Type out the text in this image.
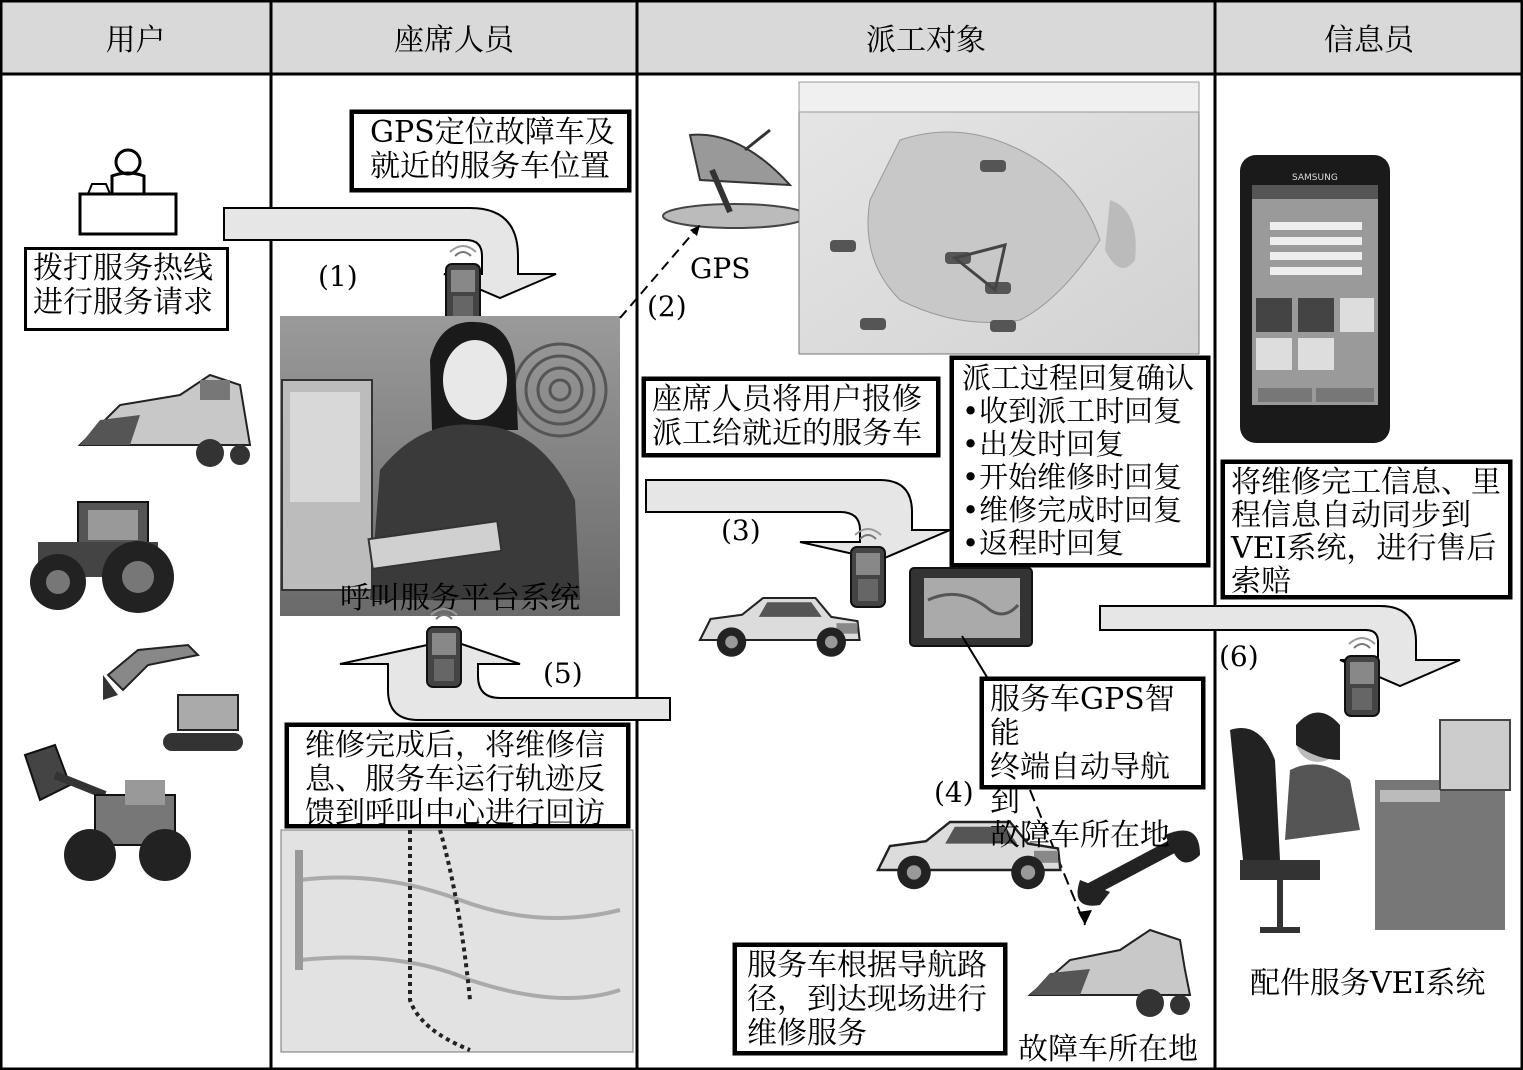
呼叫服务平台系统
GPS
SAMSUNG
用户	座席人员	派工对象	信息员
拨打服务热线
进行服务请求
GPS定位故障车及
就近的服务车位置
座席人员将用户报修
派工给就近的服务车
派工过程回复确认
•收到派工时回复
•出发时回复
•开始维修时回复
•维修完成时回复
•返程时回复
维修完成后，将维修信
息、服务车运行轨迹反
馈到呼叫中心进行回访
服务车GPS智能
终端自动导航到
故障车所在地
服务车根据导航路
径，到达现场进行
维修服务
将维修完工信息、里
程信息自动同步到
VEI系统，进行售后
索赔
故障车所在地
配件服务VEI系统
(1)
(2)
(3)
(4)
(5)
(6)
